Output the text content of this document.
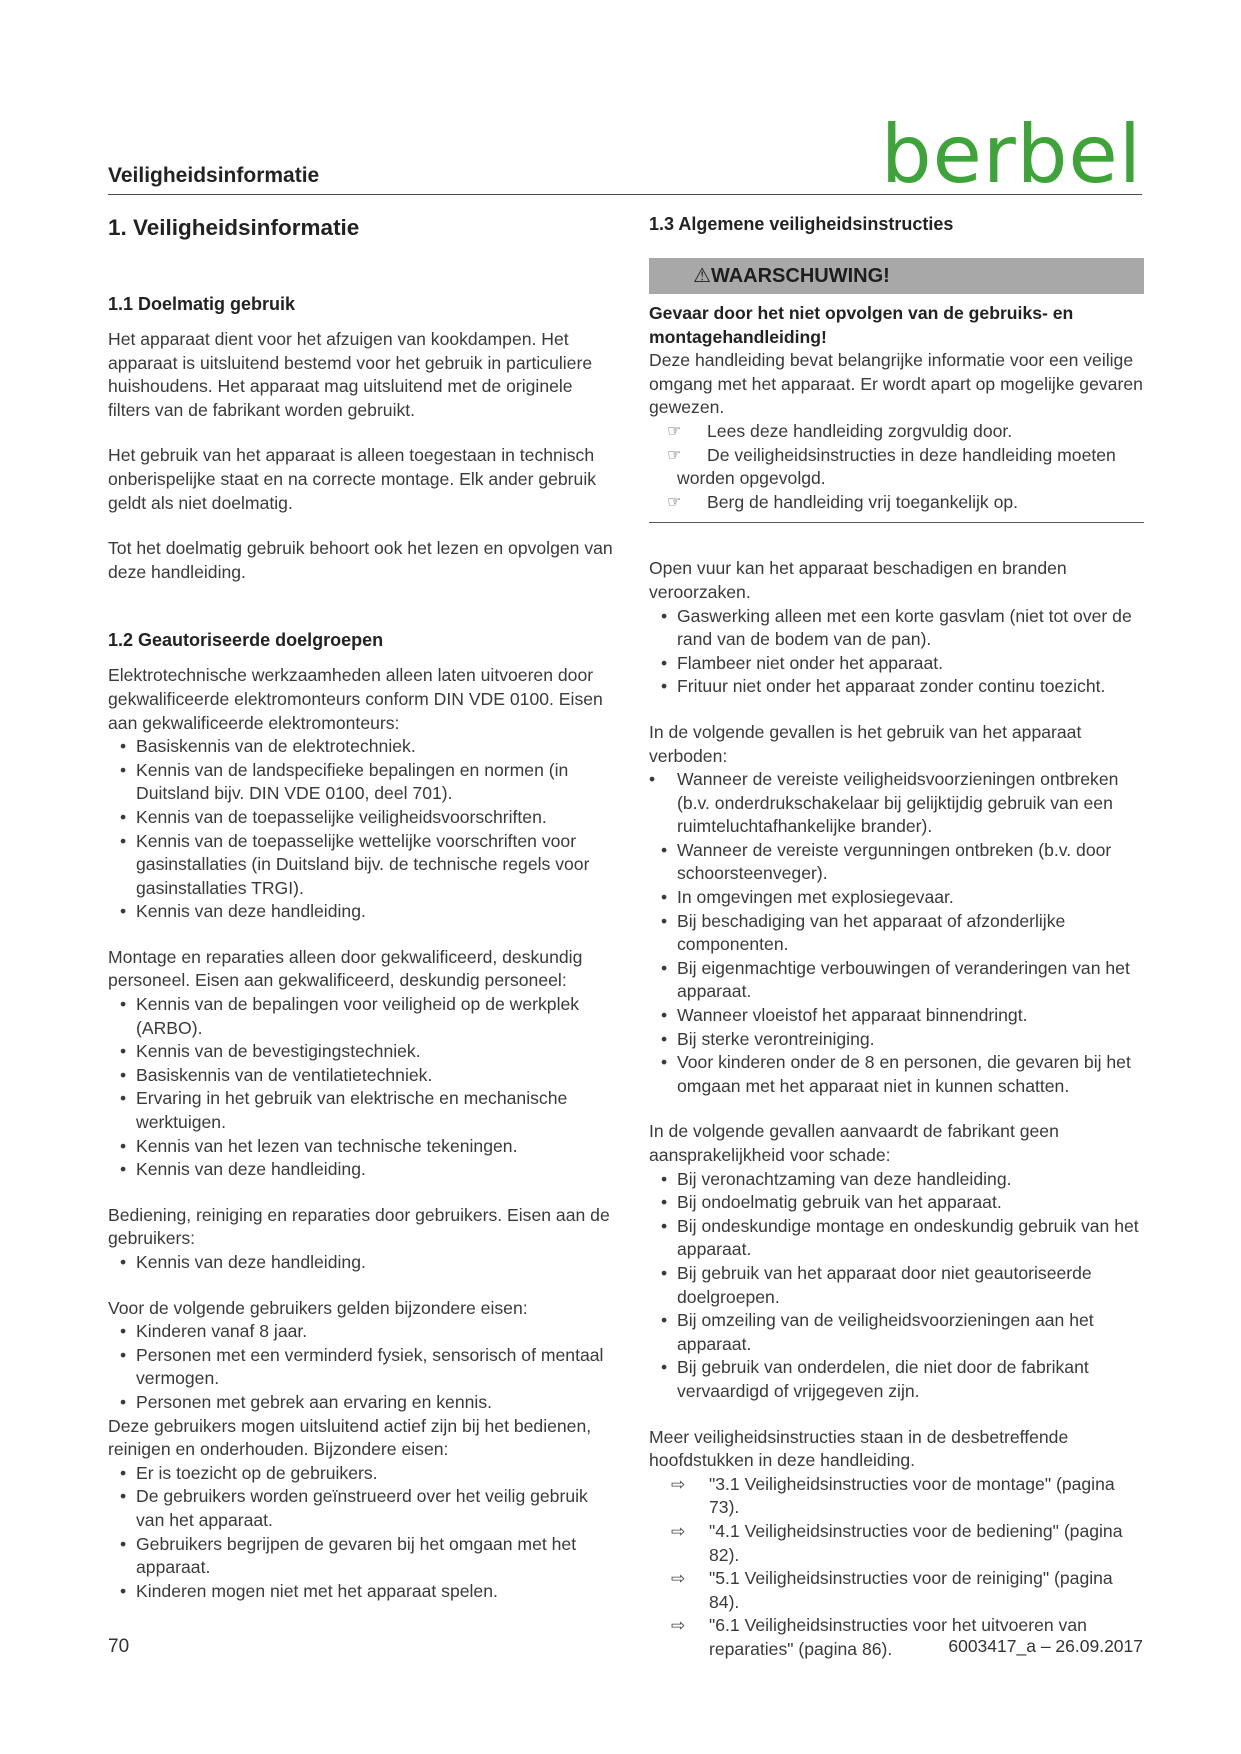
Veiligheidsinformatie	berbel
1. Veiligheidsinformatie
1.1 Doelmatig gebruik

Het apparaat dient voor het afzuigen van kookdampen. Het apparaat is uitsluitend bestemd voor het gebruik in particuliere huishoudens. Het apparaat mag uitsluitend met de originele filters van de fabrikant worden gebruikt.

Het gebruik van het apparaat is alleen toegestaan in technisch onberispelijke staat en na correcte montage. Elk ander gebruik geldt als niet doelmatig.

Tot het doelmatig gebruik behoort ook het lezen en opvolgen van deze handleiding.

1.2 Geautoriseerde doelgroepen

Elektrotechnische werkzaamheden alleen laten uitvoeren door gekwalificeerde elektromonteurs conform DIN VDE 0100. Eisen aan gekwalificeerde elektromonteurs:

• Basiskennis van de elektrotechniek.
• Kennis van de landspecifieke bepalingen en normen (in Duitsland bijv. DIN VDE 0100, deel 701).
• Kennis van de toepasselijke veiligheidsvoorschriften.
• Kennis van de toepasselijke wettelijke voorschriften voor gasinstallaties (in Duitsland bijv. de technische regels voor gasinstallaties TRGI).
• Kennis van deze handleiding.

Montage en reparaties alleen door gekwalificeerd, deskundig personeel. Eisen aan gekwalificeerd, deskundig personeel:

• Kennis van de bepalingen voor veiligheid op de werkplek (ARBO).
• Kennis van de bevestigingstechniek.
• Basiskennis van de ventilatietechniek.
• Ervaring in het gebruik van elektrische en mechanische werktuigen.
• Kennis van het lezen van technische tekeningen.
• Kennis van deze handleiding.

Bediening, reiniging en reparaties door gebruikers. Eisen aan de gebruikers:

• Kennis van deze handleiding.

Voor de volgende gebruikers gelden bijzondere eisen:

• Kinderen vanaf 8 jaar.
• Personen met een verminderd fysiek, sensorisch of mentaal vermogen.
• Personen met gebrek aan ervaring en kennis.

Deze gebruikers mogen uitsluitend actief zijn bij het bedienen, reinigen en onderhouden. Bijzondere eisen:

• Er is toezicht op de gebruikers.
• De gebruikers worden geïnstrueerd over het veilig gebruik van het apparaat.
• Gebruikers begrijpen de gevaren bij het omgaan met het apparaat.
• Kinderen mogen niet met het apparaat spelen.
1.3 Algemene veiligheidsinstructies
⚠WAARSCHUWING!

Gevaar door het niet opvolgen van de gebruiks- en montagehandleiding!

Deze handleiding bevat belangrijke informatie voor een veilige omgang met het apparaat. Er wordt apart op mogelijke gevaren gewezen.

☞ Lees deze handleiding zorgvuldig door.
☞ De veiligheidsinstructies in deze handleiding moeten
worden opgevolgd.
☞ Berg de handleiding vrij toegankelijk op.

Open vuur kan het apparaat beschadigen en branden veroorzaken.

• Gaswerking alleen met een korte gasvlam (niet tot over de rand van de bodem van de pan).
• Flambeer niet onder het apparaat.
• Frituur niet onder het apparaat zonder continu toezicht.

In de volgende gevallen is het gebruik van het apparaat verboden:

• Wanneer de vereiste veiligheidsvoorzieningen ontbreken (b.v. onderdrukschakelaar bij gelijktijdig gebruik van een ruimteluchtafhankelijke brander).
• Wanneer de vereiste vergunningen ontbreken (b.v. door schoorsteenveger).
• In omgevingen met explosiegevaar.
• Bij beschadiging van het apparaat of afzonderlijke componenten.
• Bij eigenmachtige verbouwingen of veranderingen van het apparaat.
• Wanneer vloeistof het apparaat binnendringt.
• Bij sterke verontreiniging.
• Voor kinderen onder de 8 en personen, die gevaren bij het omgaan met het apparaat niet in kunnen schatten.

In de volgende gevallen aanvaardt de fabrikant geen aansprakelijkheid voor schade:

• Bij veronachtzaming van deze handleiding.
• Bij ondoelmatig gebruik van het apparaat.
• Bij ondeskundige montage en ondeskundig gebruik van het apparaat.
• Bij gebruik van het apparaat door niet geautoriseerde doelgroepen.
• Bij omzeiling van de veiligheidsvoorzieningen aan het apparaat.
• Bij gebruik van onderdelen, die niet door de fabrikant vervaardigd of vrijgegeven zijn.

Meer veiligheidsinstructies staan in de desbetreffende hoofdstukken in deze handleiding.

⇨ "3.1 Veiligheidsinstructies voor de montage" (pagina 73).
⇨ "4.1 Veiligheidsinstructies voor de bediening" (pagina 82).
⇨ "5.1 Veiligheidsinstructies voor de reiniging" (pagina 84).
⇨ "6.1 Veiligheidsinstructies voor het uitvoeren van reparaties" (pagina 86).
70	6003417_a – 26.09.2017
